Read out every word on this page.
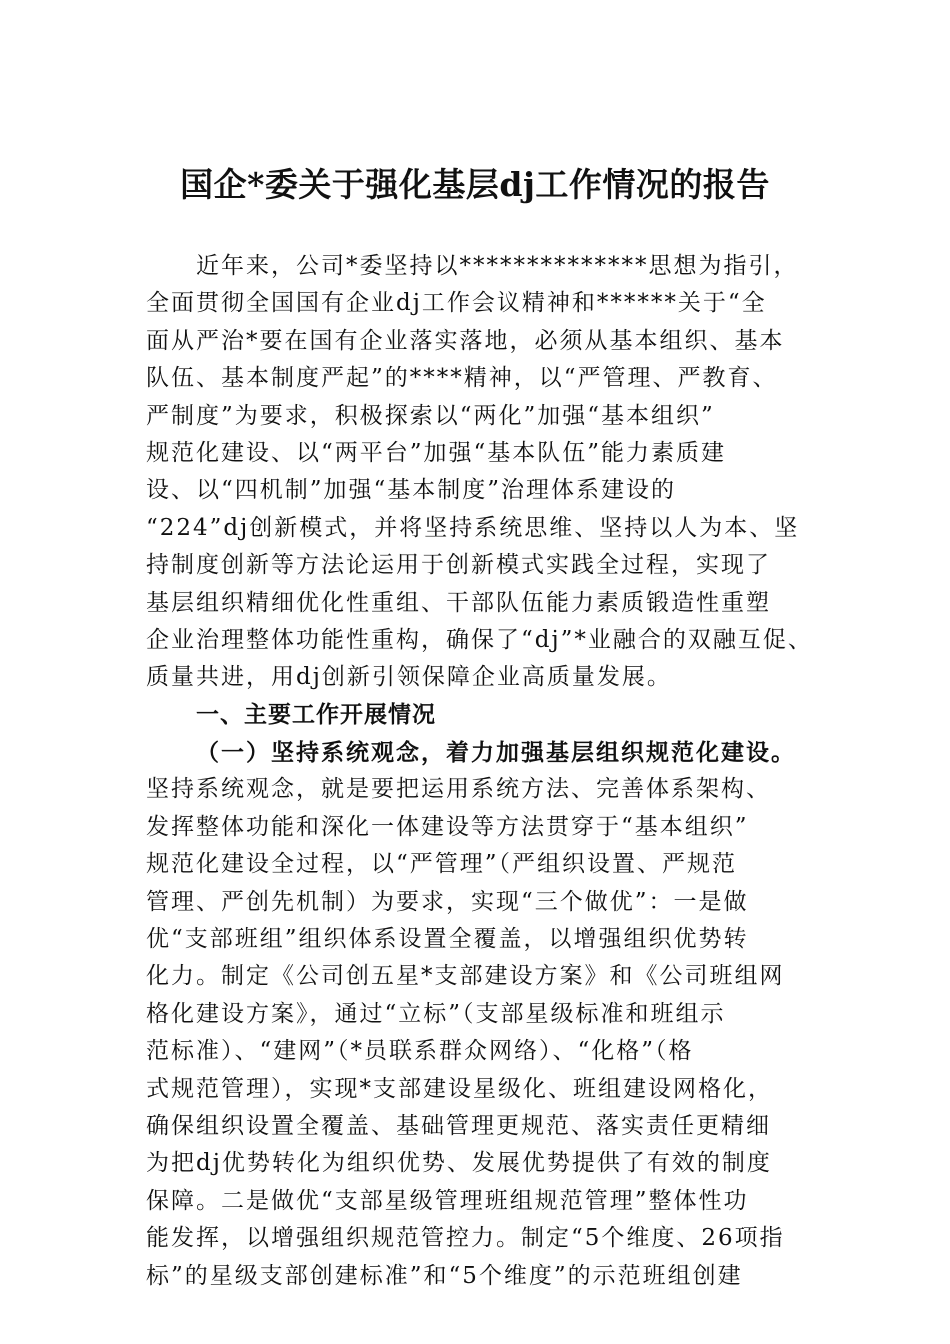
国企*委关于强化基层dj工作情况的报告
近年来，公司*委坚持以**************思想为指引，
全面贯彻全国国有企业dj工作会议精神和******关于“全
面从严治*要在国有企业落实落地，必须从基本组织、基本
队伍、基本制度严起”的****精神，以“严管理、严教育、
严制度”为要求，积极探索以“两化”加强“基本组织”
规范化建设、以“两平台”加强“基本队伍”能力素质建
设、以“四机制”加强“基本制度”治理体系建设的
“224”dj创新模式，并将坚持系统思维、坚持以人为本、坚
持制度创新等方法论运用于创新模式实践全过程，实现了
基层组织精细优化性重组、干部队伍能力素质锻造性重塑
企业治理整体功能性重构，确保了“dj”*业融合的双融互促、
质量共进，用dj创新引领保障企业高质量发展。
一、主要工作开展情况
（一）坚持系统观念，着力加强基层组织规范化建设。
坚持系统观念，就是要把运用系统方法、完善体系架构、
发挥整体功能和深化一体建设等方法贯穿于“基本组织”
规范化建设全过程，以“严管理”（严组织设置、严规范
管理、严创先机制）为要求，实现“三个做优”：一是做
优“支部班组”组织体系设置全覆盖，以增强组织优势转
化力。制定《公司创五星*支部建设方案》和《公司班组网
格化建设方案》，通过“立标”（支部星级标准和班组示
范标准）、“建网”（*员联系群众网络）、“化格”（格
式规范管理），实现*支部建设星级化、班组建设网格化，
确保组织设置全覆盖、基础管理更规范、落实责任更精细
为把dj优势转化为组织优势、发展优势提供了有效的制度
保障。二是做优“支部星级管理班组规范管理”整体性功
能发挥，以增强组织规范管控力。制定“5个维度、26项指
标”的星级支部创建标准”和“5个维度”的示范班组创建
